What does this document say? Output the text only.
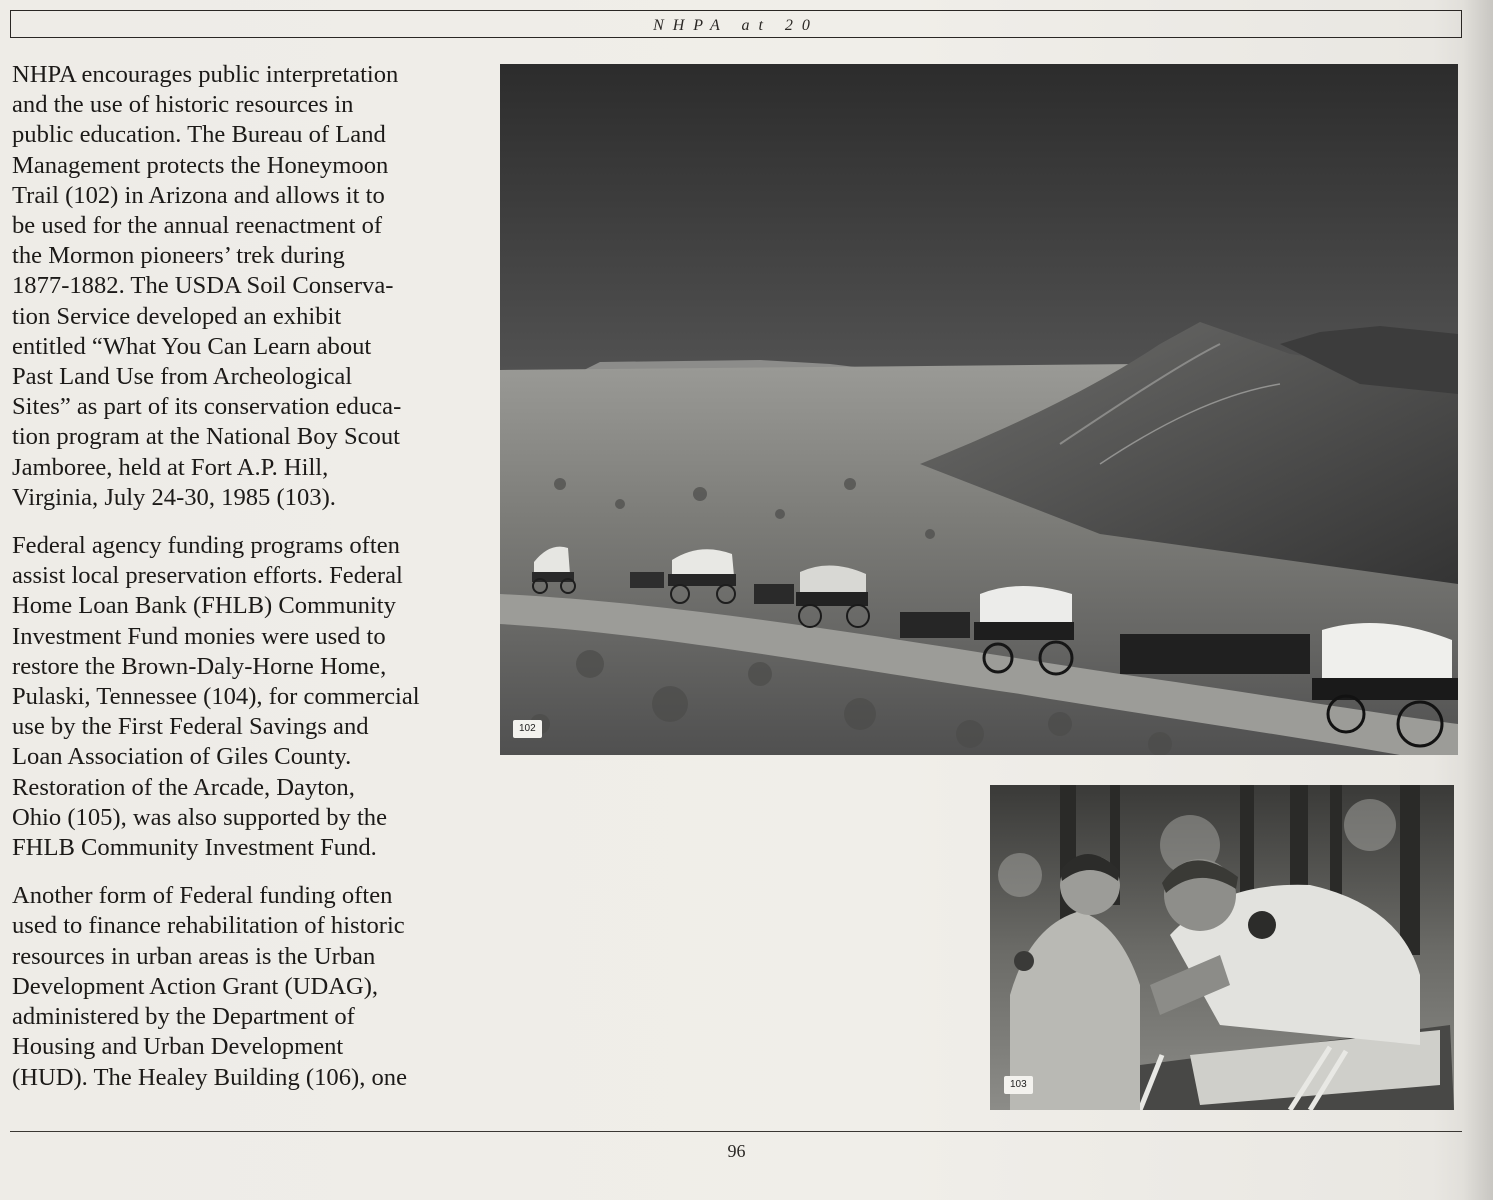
NHPA at 20

NHPA encourages public interpretation
and the use of historic resources in
public education. The Bureau of Land
Management protects the Honeymoon
Trail (102) in Arizona and allows it to
be used for the annual reenactment of
the Mormon pioneers’ trek during
1877-1882. The USDA Soil Conserva-
tion Service developed an exhibit
entitled “What You Can Learn about
Past Land Use from Archeological
Sites” as part of its conservation educa-
tion program at the National Boy Scout
Jamboree, held at Fort A.P. Hill,
Virginia, July 24-30, 1985 (103).

Federal agency funding programs often
assist local preservation efforts. Federal
Home Loan Bank (FHLB) Community
Investment Fund monies were used to
restore the Brown-Daly-Horne Home,
Pulaski, Tennessee (104), for commercial
use by the First Federal Savings and
Loan Association of Giles County.
Restoration of the Arcade, Dayton,
Ohio (105), was also supported by the
FHLB Community Investment Fund.

Another form of Federal funding often
used to finance rehabilitation of historic
resources in urban areas is the Urban
Development Action Grant (UDAG),
administered by the Department of
Housing and Urban Development
(HUD). The Healey Building (106), one

102
103
96
